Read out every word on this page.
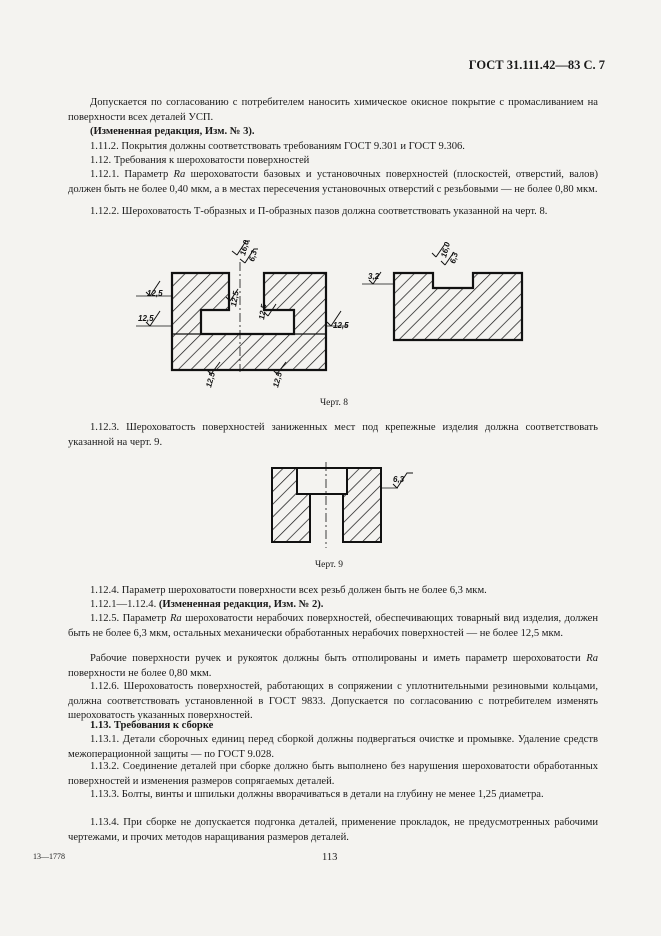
ГОСТ 31.111.42—83 С. 7

Допускается по согласованию с потребителем наносить химическое окисное покрытие с промасливанием на поверхности всех деталей УСП.

(Измененная редакция, Изм. № 3).

1.11.2. Покрытия должны соответствовать требованиям ГОСТ 9.301 и ГОСТ 9.306.

1.12. Требования к шероховатости поверхностей

1.12.1. Параметр Ra шероховатости базовых и установочных поверхностей (плоскостей, отверстий, валов) должен быть не более 0,40 мкм, а в местах пересечения установочных отверстий с резьбовыми — не более 0,80 мкм.

1.12.2. Шероховатость Т-образных и П-образных пазов должна соответствовать указанной на черт. 8.

16,0
6,3
12,5
12,5
12,5
12,5
12,5
12,5	12,5
3,2
16,0
6,3
Черт. 8

1.12.3. Шероховатость поверхностей заниженных мест под крепежные изделия должна соответствовать указанной на черт. 9.

6,3
Черт. 9

1.12.4. Параметр шероховатости поверхности всех резьб должен быть не более 6,3 мкм.

1.12.1—1.12.4. (Измененная редакция, Изм. № 2).

1.12.5. Параметр Ra шероховатости нерабочих поверхностей, обеспечивающих товарный вид изделия, должен быть не более 6,3 мкм, остальных механически обработанных нерабочих поверхностей — не более 12,5 мкм.

Рабочие поверхности ручек и рукояток должны быть отполированы и иметь параметр шероховатости Ra поверхности не более 0,80 мкм.

1.12.6. Шероховатость поверхностей, работающих в сопряжении с уплотнительными резиновыми кольцами, должна соответствовать установленной в ГОСТ 9833. Допускается по согласованию с потребителем изменять шероховатость указанных поверхностей.

1.13. Требования к сборке

1.13.1. Детали сборочных единиц перед сборкой должны подвергаться очистке и промывке. Удаление средств межоперационной защиты — по ГОСТ 9.028.

1.13.2. Соединение деталей при сборке должно быть выполнено без нарушения шероховатости обработанных поверхностей и изменения размеров сопрягаемых деталей.

1.13.3. Болты, винты и шпильки должны вворачиваться в детали на глубину не менее 1,25 диаметра.

1.13.4. При сборке не допускается подгонка деталей, применение прокладок, не предусмотренных рабочими чертежами, и прочих методов наращивания размеров деталей.

13—1778	113
